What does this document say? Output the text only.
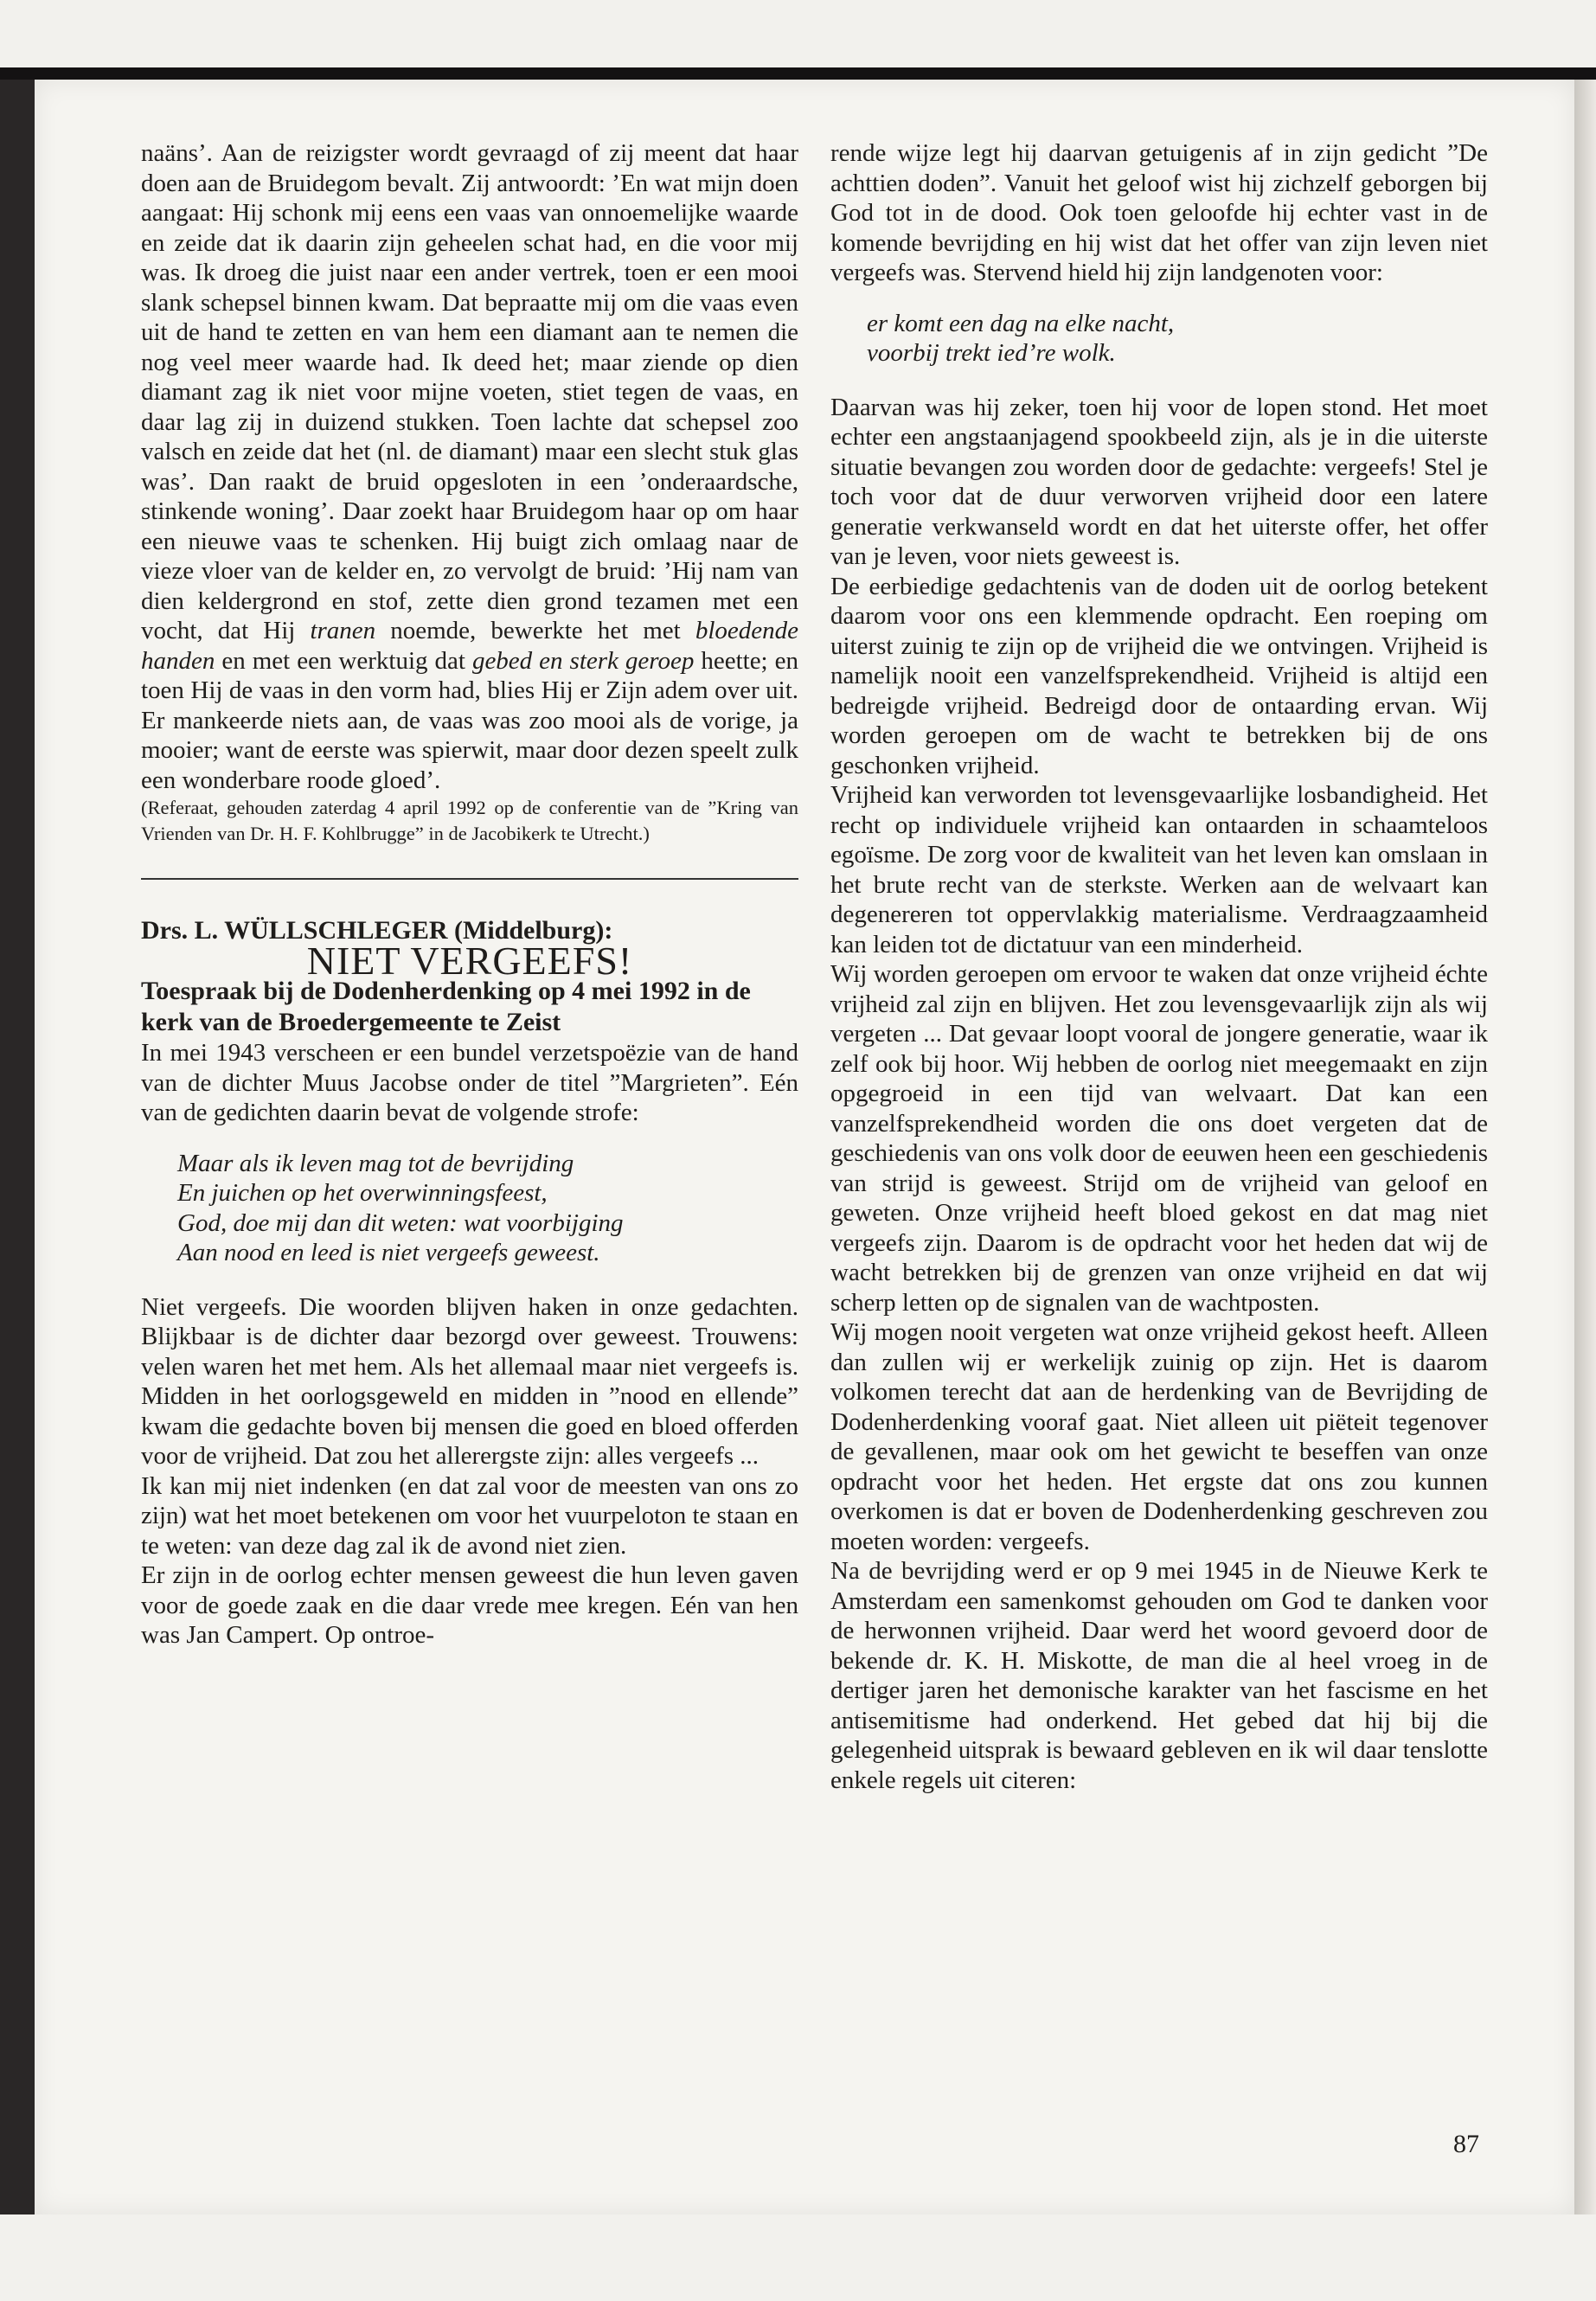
naäns’. Aan de reizigster wordt gevraagd of zij meent dat haar doen aan de Bruidegom bevalt. Zij antwoordt: ’En wat mijn doen aangaat: Hij schonk mij eens een vaas van onnoemelijke waarde en zeide dat ik daarin zijn geheelen schat had, en die voor mij was. Ik droeg die juist naar een ander vertrek, toen er een mooi slank schepsel binnen kwam. Dat bepraatte mij om die vaas even uit de hand te zetten en van hem een diamant aan te nemen die nog veel meer waarde had. Ik deed het; maar ziende op dien diamant zag ik niet voor mijne voeten, stiet tegen de vaas, en daar lag zij in duizend stukken. Toen lachte dat schepsel zoo valsch en zeide dat het (nl. de diamant) maar een slecht stuk glas was’. Dan raakt de bruid opgesloten in een ’onderaardsche, stinkende woning’. Daar zoekt haar Bruidegom haar op om haar een nieuwe vaas te schenken. Hij buigt zich omlaag naar de vieze vloer van de kelder en, zo vervolgt de bruid: ’Hij nam van dien keldergrond en stof, zette dien grond tezamen met een vocht, dat Hij tranen noemde, bewerkte het met bloedende handen en met een werktuig dat gebed en sterk geroep heette; en toen Hij de vaas in den vorm had, blies Hij er Zijn adem over uit. Er mankeerde niets aan, de vaas was zoo mooi als de vorige, ja mooier; want de eerste was spierwit, maar door dezen speelt zulk een wonderbare roode gloed’.

(Referaat, gehouden zaterdag 4 april 1992 op de conferentie van de ”Kring van Vrienden van Dr. H. F. Kohlbrugge” in de Jacobikerk te Utrecht.)

Drs. L. WÜLLSCHLEGER (Middelburg):

NIET VERGEEFS!

Toespraak bij de Dodenherdenking op 4 mei 1992 in de kerk van de Broedergemeente te Zeist

In mei 1943 verscheen er een bundel verzetspoëzie van de hand van de dichter Muus Jacobse onder de titel ”Margrieten”. Eén van de gedichten daarin bevat de volgende strofe:

Maar als ik leven mag tot de bevrijding
En juichen op het overwinningsfeest,
God, doe mij dan dit weten: wat voorbijging
Aan nood en leed is niet vergeefs geweest.

Niet vergeefs. Die woorden blijven haken in onze gedachten. Blijkbaar is de dichter daar bezorgd over geweest. Trouwens: velen waren het met hem. Als het allemaal maar niet vergeefs is. Midden in het oorlogsgeweld en midden in ”nood en ellende” kwam die gedachte boven bij mensen die goed en bloed offerden voor de vrijheid. Dat zou het allerergste zijn: alles vergeefs ...

Ik kan mij niet indenken (en dat zal voor de meesten van ons zo zijn) wat het moet betekenen om voor het vuurpeloton te staan en te weten: van deze dag zal ik de avond niet zien.

Er zijn in de oorlog echter mensen geweest die hun leven gaven voor de goede zaak en die daar vrede mee kregen. Eén van hen was Jan Campert. Op ontroe-

rende wijze legt hij daarvan getuigenis af in zijn gedicht ”De achttien doden”. Vanuit het geloof wist hij zichzelf geborgen bij God tot in de dood. Ook toen geloofde hij echter vast in de komende bevrijding en hij wist dat het offer van zijn leven niet vergeefs was. Stervend hield hij zijn landgenoten voor:

er komt een dag na elke nacht,
voorbij trekt ied’re wolk.

Daarvan was hij zeker, toen hij voor de lopen stond. Het moet echter een angstaanjagend spookbeeld zijn, als je in die uiterste situatie bevangen zou worden door de gedachte: vergeefs! Stel je toch voor dat de duur verworven vrijheid door een latere generatie verkwanseld wordt en dat het uiterste offer, het offer van je leven, voor niets geweest is.

De eerbiedige gedachtenis van de doden uit de oorlog betekent daarom voor ons een klemmende opdracht. Een roeping om uiterst zuinig te zijn op de vrijheid die we ontvingen. Vrijheid is namelijk nooit een vanzelfsprekendheid. Vrijheid is altijd een bedreigde vrijheid. Bedreigd door de ontaarding ervan. Wij worden geroepen om de wacht te betrekken bij de ons geschonken vrijheid.

Vrijheid kan verworden tot levensgevaarlijke losbandigheid. Het recht op individuele vrijheid kan ontaarden in schaamteloos egoïsme. De zorg voor de kwaliteit van het leven kan omslaan in het brute recht van de sterkste. Werken aan de welvaart kan degenereren tot oppervlakkig materialisme. Verdraagzaamheid kan leiden tot de dictatuur van een minderheid.

Wij worden geroepen om ervoor te waken dat onze vrijheid échte vrijheid zal zijn en blijven. Het zou levensgevaarlijk zijn als wij vergeten ... Dat gevaar loopt vooral de jongere generatie, waar ik zelf ook bij hoor. Wij hebben de oorlog niet meegemaakt en zijn opgegroeid in een tijd van welvaart. Dat kan een vanzelfsprekendheid worden die ons doet vergeten dat de geschiedenis van ons volk door de eeuwen heen een geschiedenis van strijd is geweest. Strijd om de vrijheid van geloof en geweten. Onze vrijheid heeft bloed gekost en dat mag niet vergeefs zijn. Daarom is de opdracht voor het heden dat wij de wacht betrekken bij de grenzen van onze vrijheid en dat wij scherp letten op de signalen van de wachtposten.

Wij mogen nooit vergeten wat onze vrijheid gekost heeft. Alleen dan zullen wij er werkelijk zuinig op zijn. Het is daarom volkomen terecht dat aan de herdenking van de Bevrijding de Dodenherdenking vooraf gaat. Niet alleen uit piëteit tegenover de gevallenen, maar ook om het gewicht te beseffen van onze opdracht voor het heden. Het ergste dat ons zou kunnen overkomen is dat er boven de Dodenherdenking geschreven zou moeten worden: vergeefs.

Na de bevrijding werd er op 9 mei 1945 in de Nieuwe Kerk te Amsterdam een samenkomst gehouden om God te danken voor de herwonnen vrijheid. Daar werd het woord gevoerd door de bekende dr. K. H. Miskotte, de man die al heel vroeg in de dertiger jaren het demonische karakter van het fascisme en het antisemitisme had onderkend. Het gebed dat hij bij die gelegenheid uitsprak is bewaard gebleven en ik wil daar tenslotte enkele regels uit citeren:

87
